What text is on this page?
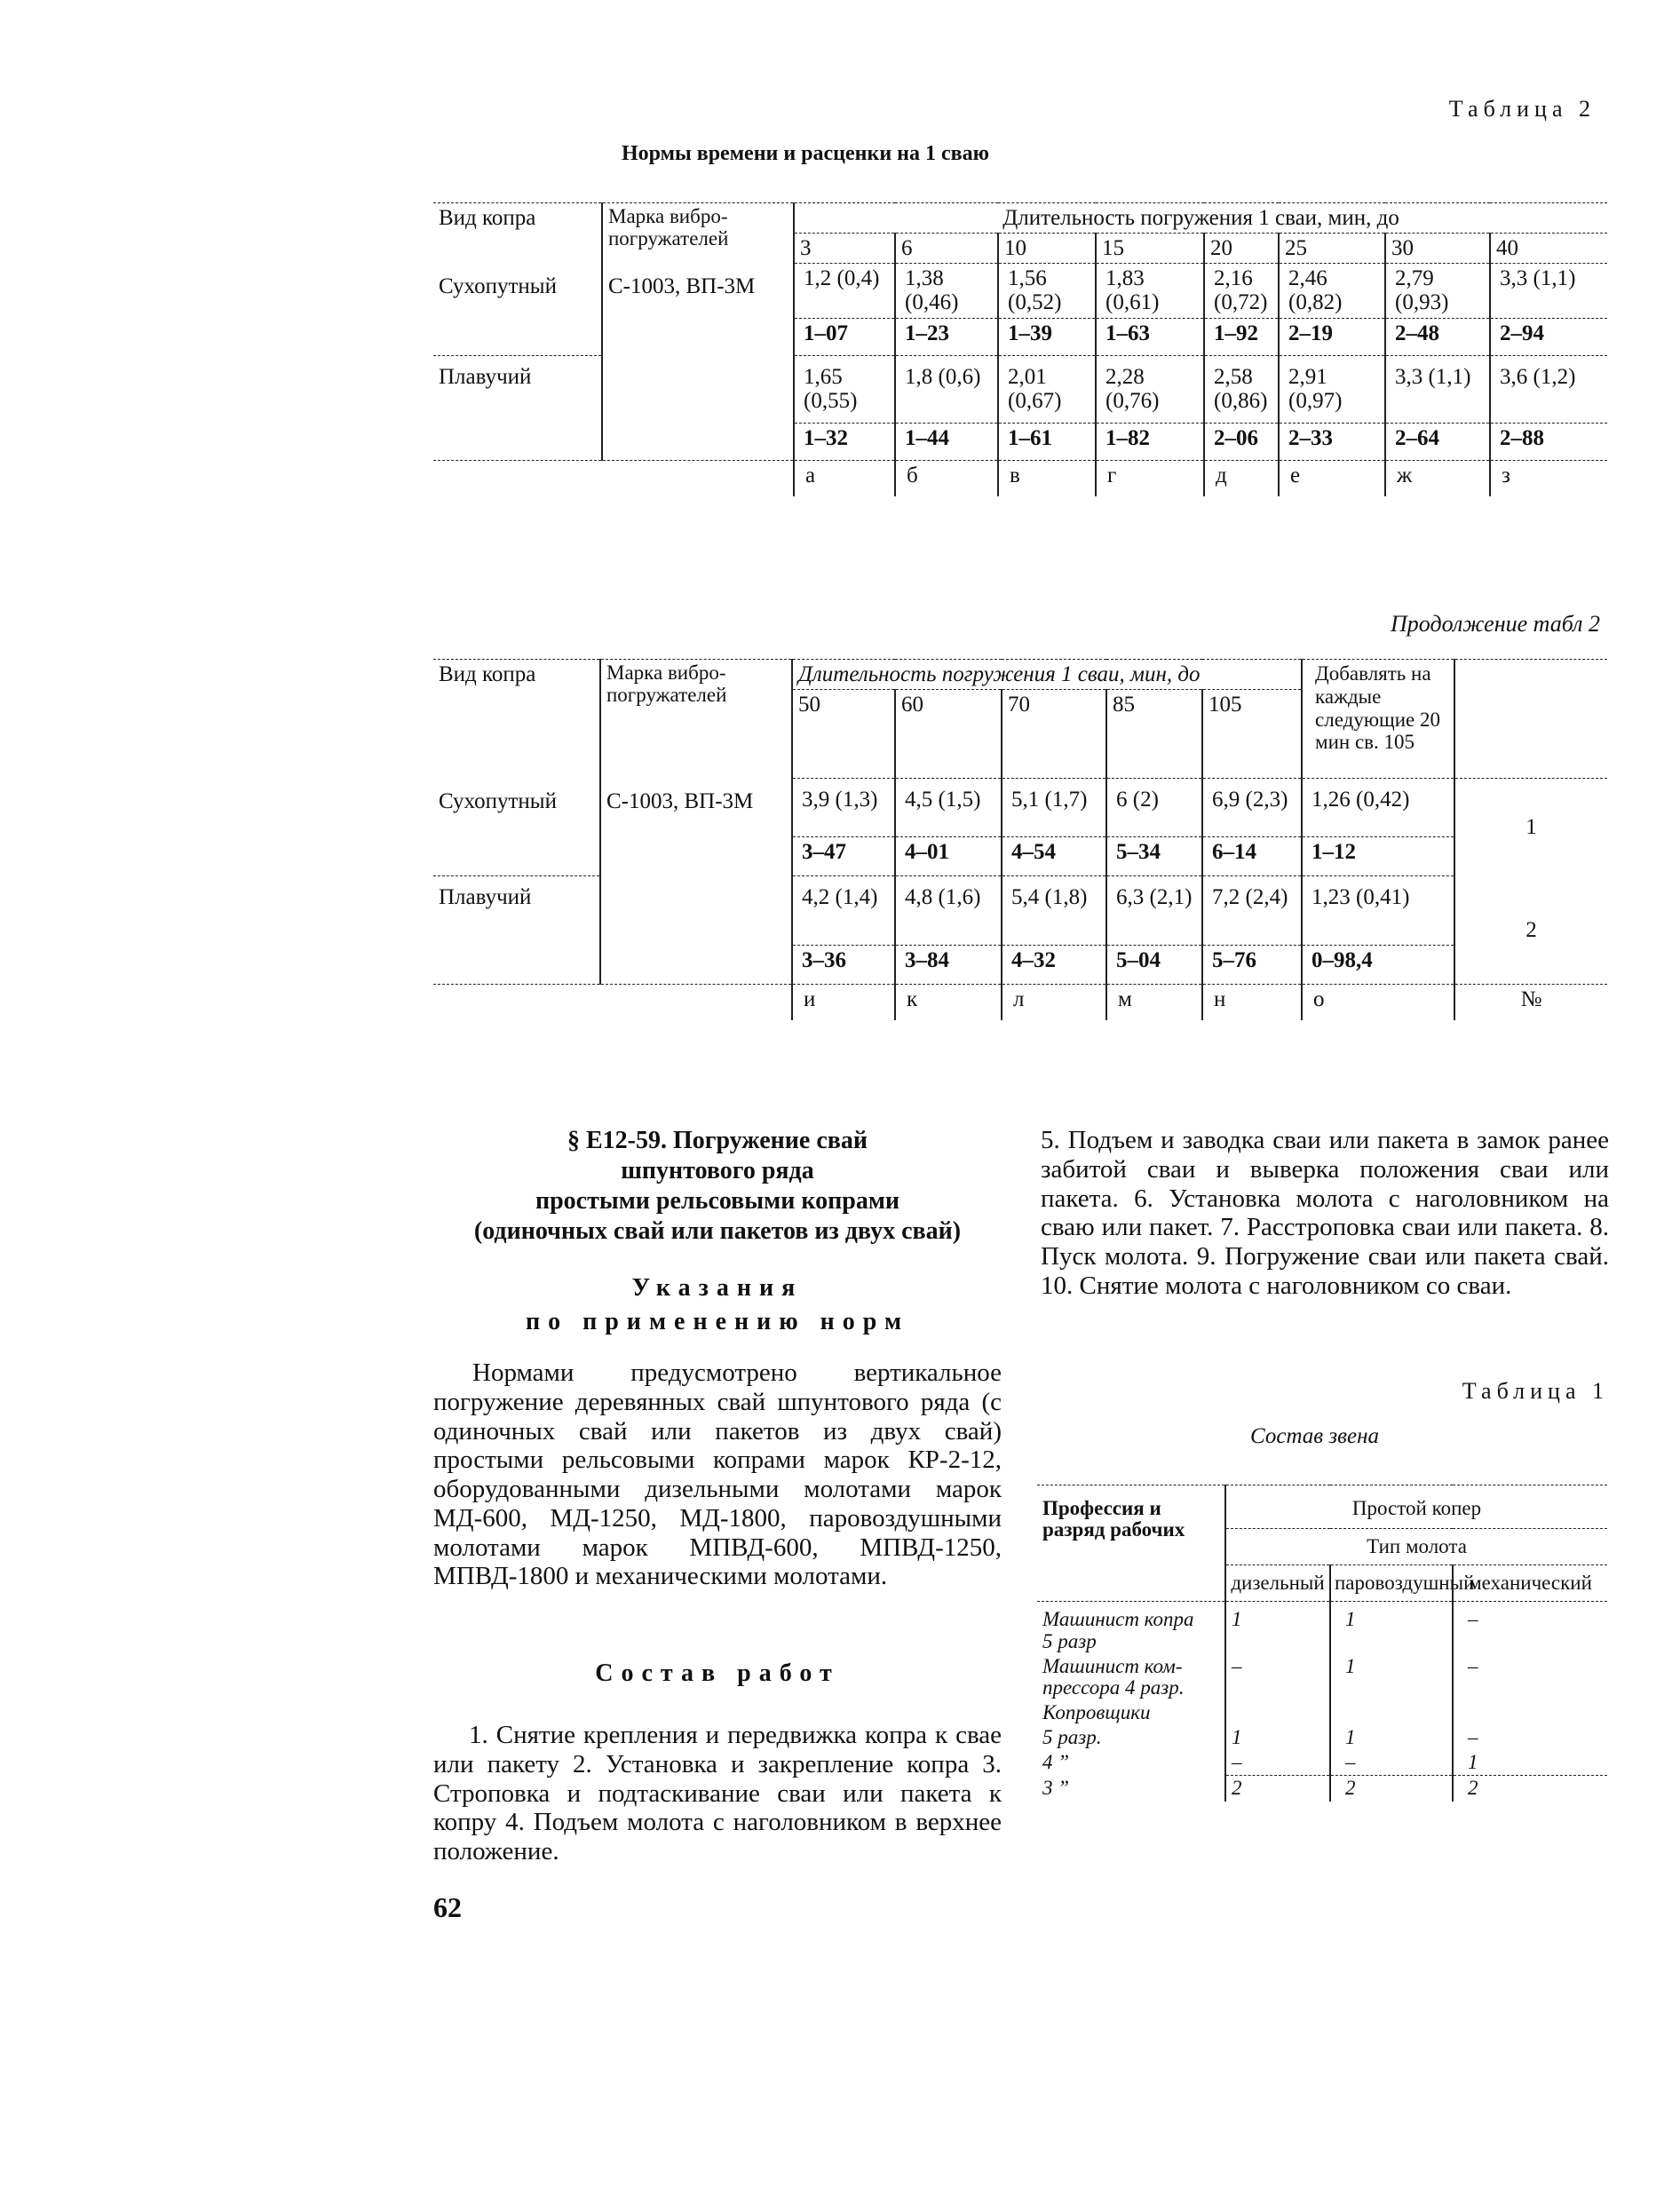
Таблица 2
Нормы времени и расценки на 1 сваю
Вид копра	Марка вибро-погружателей	Длительность погружения 1 сваи, мин, до							
		3	6	10	15	20	25	30	40
Сухопутный	С-1003, ВП-3М	1,2 (0,4)	1,38 (0,46)	1,56 (0,52)	1,83 (0,61)	2,16 (0,72)	2,46 (0,82)	2,79 (0,93)	3,3 (1,1)
		1–07	1–23	1–39	1–63	1–92	2–19	2–48	2–94
Плавучий		1,65 (0,55)	1,8 (0,6)	2,01 (0,67)	2,28 (0,76)	2,58 (0,86)	2,91 (0,97)	3,3 (1,1)	3,6 (1,2)
		1–32	1–44	1–61	1–82	2–06	2–33	2–64	2–88
		а	б	в	г	д	е	ж	з
Продолжение табл 2
Вид копра	Марка вибро-погружателей	Длительность погружения 1 сваи, мин, до					Добавлять на каждые следующие 20 мин св. 105	
		50	60	70	85	105		
Сухопутный	С-1003, ВП-3М	3,9 (1,3)	4,5 (1,5)	5,1 (1,7)	6 (2)	6,9 (2,3)	1,26 (0,42)	1
		3–47	4–01	4–54	5–34	6–14	1–12	
Плавучий		4,2 (1,4)	4,8 (1,6)	5,4 (1,8)	6,3 (2,1)	7,2 (2,4)	1,23 (0,41)	2
		3–36	3–84	4–32	5–04	5–76	0–98,4	
		и	к	л	м	н	о	№
§ Е12-59. Погружение свай
шпунтового ряда
простыми рельсовыми копрами
(одиночных свай или пакетов из двух свай)
Указания
по применению норм

Нормами предусмотрено вертикальное погружение деревянных свай шпунтового ряда (с одиночных свай или пакетов из двух свай) простыми рельсовыми копрами марок КР-2-12, оборудованными дизельными молотами марок МД-600, МД-1250, МД-1800, паровоздушными молотами марок МПВД-600, МПВД-1250, МПВД-1800 и механическими молотами.

Состав работ

1. Снятие крепления и передвижка копра к свае или пакету 2. Установка и закрепление копра 3. Строповка и подтаскивание сваи или пакета к копру 4. Подъем молота с наголовником в верхнее положение.

62

5. Подъем и заводка сваи или пакета в замок ранее забитой сваи и выверка положения сваи или пакета. 6. Установка молота с наголовником на сваю или пакет. 7. Расстроповка сваи или пакета. 8. Пуск молота. 9. Погружение сваи или пакета свай. 10. Снятие молота с наголовником со сваи.

Таблица 1
Состав звена
Профессия и разряд рабочих	Простой копер		
	Тип молота		
	дизельный	паровоздушный	механический

Машинист копра
5 разр	1	1	–

Машинист ком-
прессора 4 разр.	–	1	–

Копровщики			

5 разр.	1	1	–

4 ”	–	–	1

3 ”	2	2	2
